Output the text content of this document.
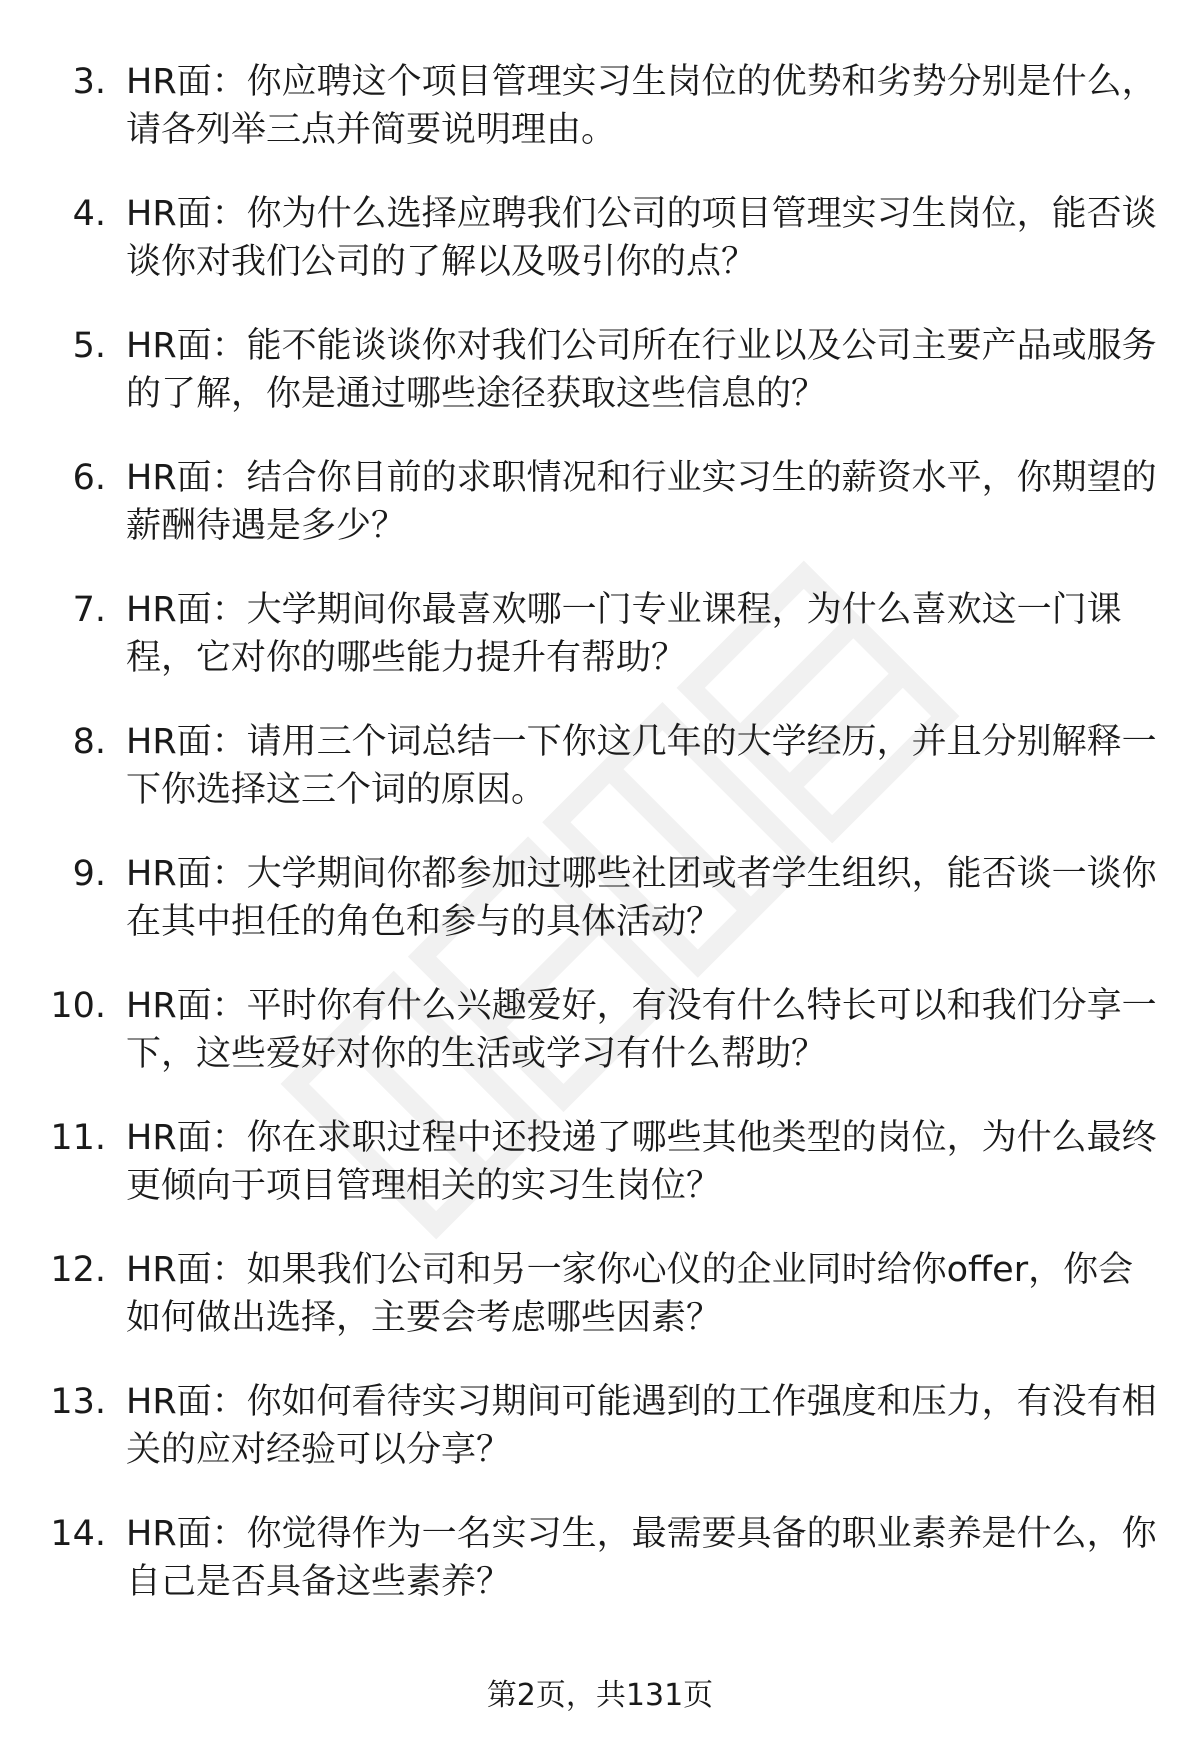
3. HR面：你应聘这个项目管理实习生岗位的优势和劣势分别是什么，请各列举三点并简要说明理由。
4. HR面：你为什么选择应聘我们公司的项目管理实习生岗位，能否谈谈你对我们公司的了解以及吸引你的点？
5. HR面：能不能谈谈你对我们公司所在行业以及公司主要产品或服务的了解，你是通过哪些途径获取这些信息的？
6. HR面：结合你目前的求职情况和行业实习生的薪资水平，你期望的薪酬待遇是多少？
7. HR面：大学期间你最喜欢哪一门专业课程，为什么喜欢这一门课程，它对你的哪些能力提升有帮助？
8. HR面：请用三个词总结一下你这几年的大学经历，并且分别解释一下你选择这三个词的原因。
9. HR面：大学期间你都参加过哪些社团或者学生组织，能否谈一谈你在其中担任的角色和参与的具体活动？
10. HR面：平时你有什么兴趣爱好，有没有什么特长可以和我们分享一下，这些爱好对你的生活或学习有什么帮助？
11. HR面：你在求职过程中还投递了哪些其他类型的岗位，为什么最终更倾向于项目管理相关的实习生岗位？
12. HR面：如果我们公司和另一家你心仪的企业同时给你offer，你会如何做出选择，主要会考虑哪些因素？
13. HR面：你如何看待实习期间可能遇到的工作强度和压力，有没有相关的应对经验可以分享？
14. HR面：你觉得作为一名实习生，最需要具备的职业素养是什么，你自己是否具备这些素养？
第2页，共131页
